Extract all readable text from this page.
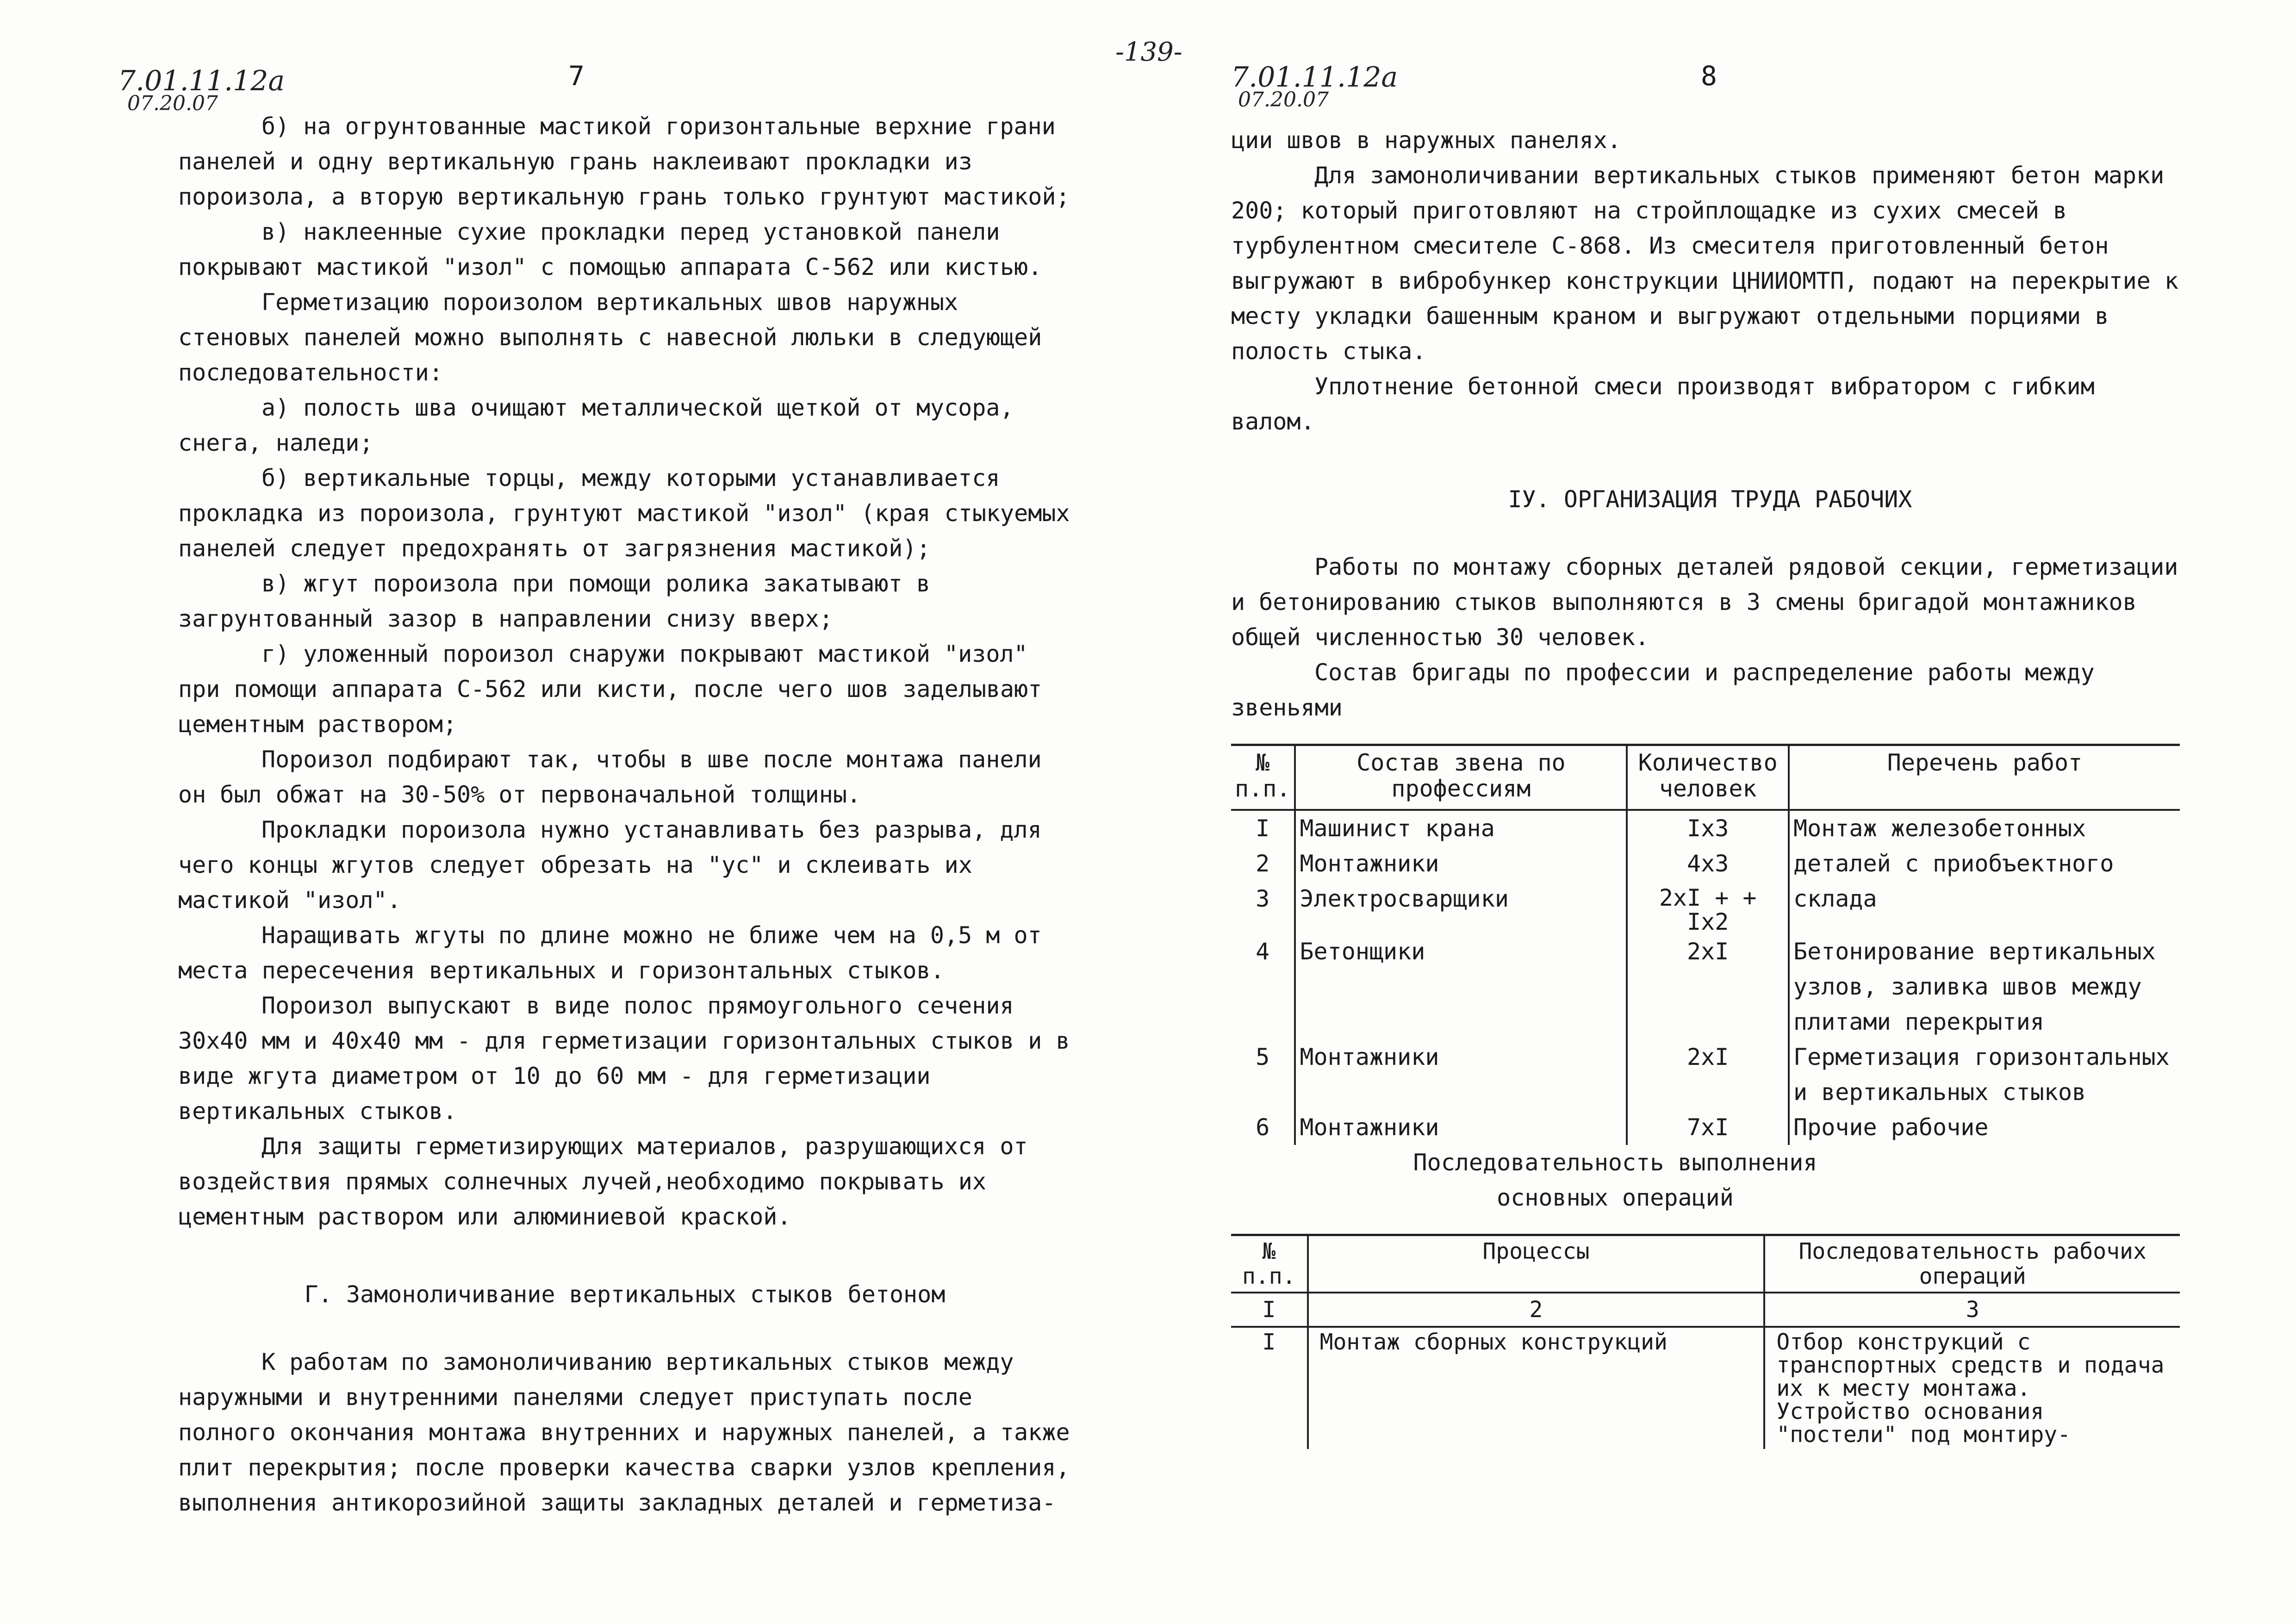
-139-
7.01.11.12а
07.20.07
7

б) на огрунтованные мастикой горизонтальные верхние грани панелей и одну вертикальную грань наклеивают прокладки из пороизола, а вторую вертикальную грань только грунтуют мастикой;

в) наклеенные сухие прокладки перед установкой панели покрывают мастикой "изол" с помощью аппарата С-562 или кистью.

Герметизацию пороизолом вертикальных швов наружных стеновых панелей можно выполнять с навесной люльки в следующей последовательности:

а) полость шва очищают металлической щеткой от мусора, снега, наледи;

б) вертикальные торцы, между которыми устанавливается прокладка из пороизола, грунтуют мастикой "изол" (края стыкуемых панелей следует предохранять от загрязнения мастикой);

в) жгут пороизола при помощи ролика закатывают в загрунтованный зазор в направлении снизу вверх;

г) уложенный пороизол снаружи покрывают мастикой "изол" при помощи аппарата С-562 или кисти, после чего шов заделывают цементным раствором;

Пороизол подбирают так, чтобы в шве после монтажа панели он был обжат на 30-50% от первоначальной толщины.

Прокладки пороизола нужно устанавливать без разрыва, для чего концы жгутов следует обрезать на "ус" и склеивать их мастикой "изол".

Наращивать жгуты по длине можно не ближе чем на 0,5 м от места пересечения вертикальных и горизонтальных стыков.

Пороизол выпускают в виде полос прямоугольного сечения 30х40 мм и 40х40 мм - для герметизации горизонтальных стыков и в виде жгута диаметром от 10 до 60 мм - для герметизации вертикальных стыков.

Для защиты герметизирующих материалов, разрушающихся от воздействия прямых солнечных лучей,необходимо покрывать их цементным раствором или алюминиевой краской.

Г. Замоноличивание вертикальных стыков бетоном

К работам по замоноличиванию вертикальных стыков между наружными и внутренними панелями следует приступать после полного окончания монтажа внутренних и наружных панелей, а также плит перекрытия; после проверки качества сварки узлов крепления, выполнения антикорозийной защиты закладных деталей и герметиза-

7.01.11.12а
07.20.07
8

ции швов в наружных панелях.

Для замоноличивании вертикальных стыков применяют бетон марки 200; который приготовляют на стройплощадке из сухих смесей в турбулентном смесителе С-868. Из смесителя приготовленный бетон выгружают в вибробункер конструкции ЦНИИОМТП, подают на перекрытие к месту укладки башенным краном и выгружают отдельными порциями в полость стыка.

Уплотнение бетонной смеси производят вибратором с гибким валом.

IУ. ОРГАНИЗАЦИЯ ТРУДА РАБОЧИХ

Работы по монтажу сборных деталей рядовой секции, герметизации и бетонированию стыков выполняются в 3 смены бригадой монтажников общей численностью 30 человек.

Состав бригады по профессии и распределение работы между звеньями

№ п.п.	Состав звена по профессиям	Количество человек	Перечень работ
I	Машинист крана	Iх3	Монтаж железобетонных деталей с приобъектного склада
2	Монтажники	4х3	
3	Электросварщики	2хI + + Iх2	
4	Бетонщики	2хI	Бетонирование вертикальных узлов, заливка швов между плитами перекрытия
5	Монтажники	2хI	Герметизация горизонтальных и вертикальных стыков
6	Монтажники	7хI	Прочие рабочие
Последовательность выполнения основных операций
№ п.п.	Процессы	Последовательность рабочих операций
I	2	3
I	Монтаж сборных конструкций	Отбор конструкций с транспортных средств и подача их к месту монтажа. Устройство основания "постели" под монтиру-
